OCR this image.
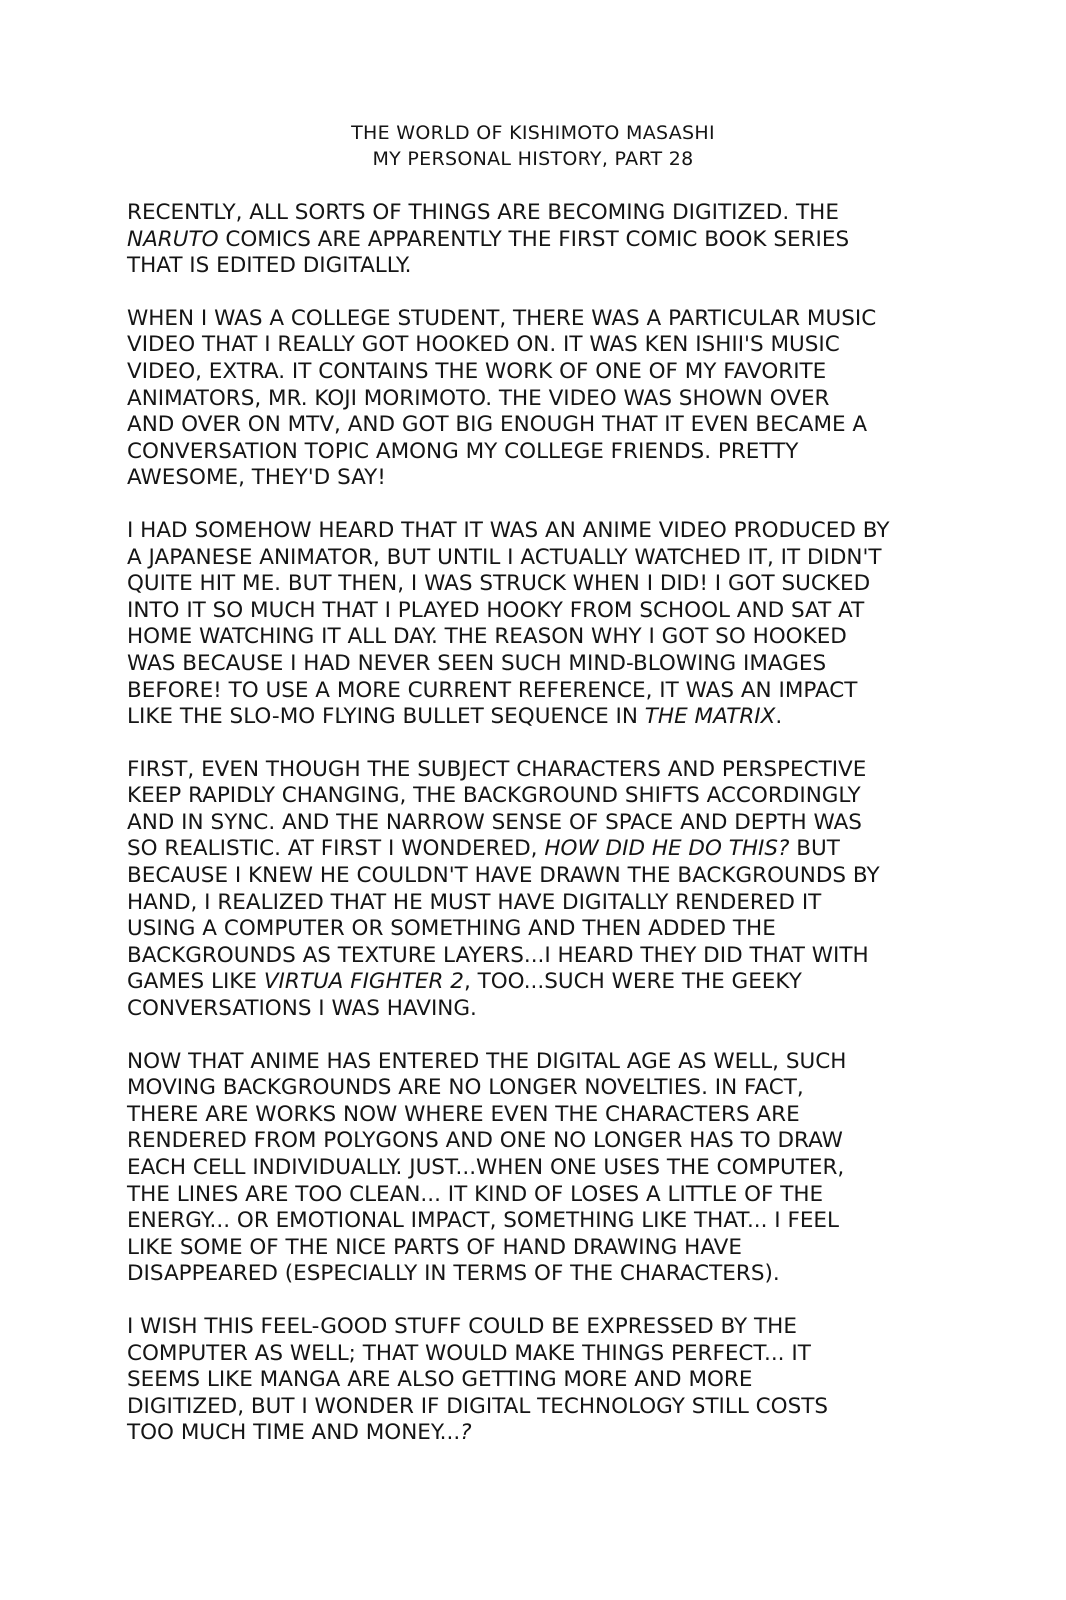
THE WORLD OF KISHIMOTO MASASHI
MY PERSONAL HISTORY, PART 28
RECENTLY, ALL SORTS OF THINGS ARE BECOMING DIGITIZED. THE
NARUTO COMICS ARE APPARENTLY THE FIRST COMIC BOOK SERIES
THAT IS EDITED DIGITALLY.
WHEN I WAS A COLLEGE STUDENT, THERE WAS A PARTICULAR MUSIC
VIDEO THAT I REALLY GOT HOOKED ON. IT WAS KEN ISHII'S MUSIC
VIDEO, EXTRA. IT CONTAINS THE WORK OF ONE OF MY FAVORITE
ANIMATORS, MR. KOJI MORIMOTO. THE VIDEO WAS SHOWN OVER
AND OVER ON MTV, AND GOT BIG ENOUGH THAT IT EVEN BECAME A
CONVERSATION TOPIC AMONG MY COLLEGE FRIENDS. PRETTY
AWESOME, THEY'D SAY!
I HAD SOMEHOW HEARD THAT IT WAS AN ANIME VIDEO PRODUCED BY
A JAPANESE ANIMATOR, BUT UNTIL I ACTUALLY WATCHED IT, IT DIDN'T
QUITE HIT ME. BUT THEN, I WAS STRUCK WHEN I DID! I GOT SUCKED
INTO IT SO MUCH THAT I PLAYED HOOKY FROM SCHOOL AND SAT AT
HOME WATCHING IT ALL DAY. THE REASON WHY I GOT SO HOOKED
WAS BECAUSE I HAD NEVER SEEN SUCH MIND-BLOWING IMAGES
BEFORE! TO USE A MORE CURRENT REFERENCE, IT WAS AN IMPACT
LIKE THE SLO-MO FLYING BULLET SEQUENCE IN THE MATRIX.
FIRST, EVEN THOUGH THE SUBJECT CHARACTERS AND PERSPECTIVE
KEEP RAPIDLY CHANGING, THE BACKGROUND SHIFTS ACCORDINGLY
AND IN SYNC. AND THE NARROW SENSE OF SPACE AND DEPTH WAS
SO REALISTIC. AT FIRST I WONDERED, HOW DID HE DO THIS? BUT
BECAUSE I KNEW HE COULDN'T HAVE DRAWN THE BACKGROUNDS BY
HAND, I REALIZED THAT HE MUST HAVE DIGITALLY RENDERED IT
USING A COMPUTER OR SOMETHING AND THEN ADDED THE
BACKGROUNDS AS TEXTURE LAYERS...I HEARD THEY DID THAT WITH
GAMES LIKE VIRTUA FIGHTER 2, TOO...SUCH WERE THE GEEKY
CONVERSATIONS I WAS HAVING.
NOW THAT ANIME HAS ENTERED THE DIGITAL AGE AS WELL, SUCH
MOVING BACKGROUNDS ARE NO LONGER NOVELTIES. IN FACT,
THERE ARE WORKS NOW WHERE EVEN THE CHARACTERS ARE
RENDERED FROM POLYGONS AND ONE NO LONGER HAS TO DRAW
EACH CELL INDIVIDUALLY. JUST...WHEN ONE USES THE COMPUTER,
THE LINES ARE TOO CLEAN... IT KIND OF LOSES A LITTLE OF THE
ENERGY... OR EMOTIONAL IMPACT, SOMETHING LIKE THAT... I FEEL
LIKE SOME OF THE NICE PARTS OF HAND DRAWING HAVE
DISAPPEARED (ESPECIALLY IN TERMS OF THE CHARACTERS).
I WISH THIS FEEL-GOOD STUFF COULD BE EXPRESSED BY THE
COMPUTER AS WELL; THAT WOULD MAKE THINGS PERFECT... IT
SEEMS LIKE MANGA ARE ALSO GETTING MORE AND MORE
DIGITIZED, BUT I WONDER IF DIGITAL TECHNOLOGY STILL COSTS
TOO MUCH TIME AND MONEY...?
